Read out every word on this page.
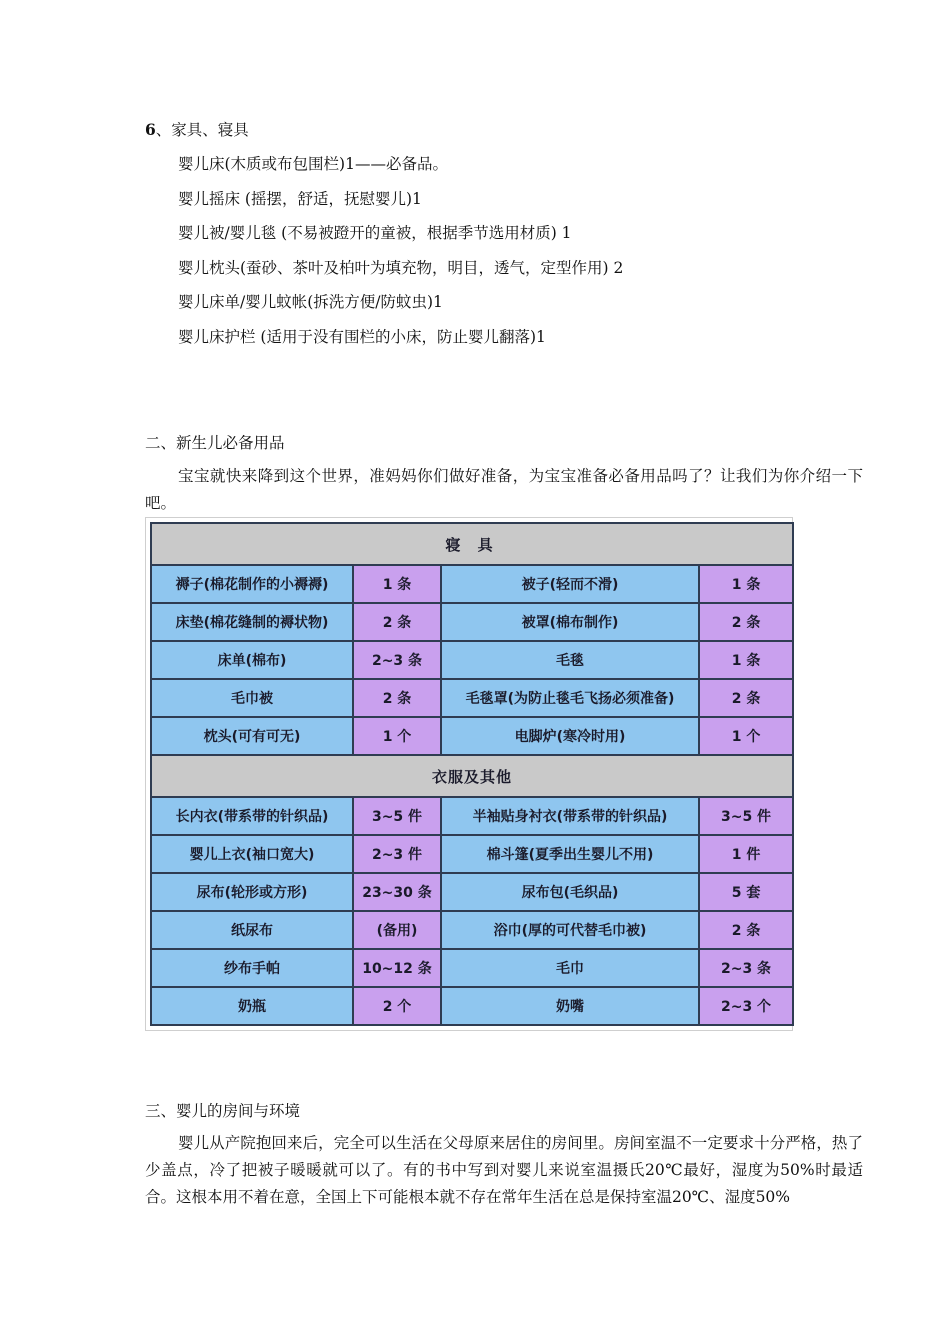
6、家具、寝具
婴儿床(木质或布包围栏)1——必备品。
婴儿摇床 (摇摆，舒适，抚慰婴儿)1
婴儿被/婴儿毯 (不易被蹬开的童被，根据季节选用材质) 1
婴儿枕头(蚕砂、茶叶及柏叶为填充物，明目，透气，定型作用) 2
婴儿床单/婴儿蚊帐(拆洗方便/防蚊虫)1
婴儿床护栏 (适用于没有围栏的小床，防止婴儿翻落)1
二、新生儿必备用品
宝宝就快来降到这个世界，准妈妈你们做好准备，为宝宝准备必备用品吗了？让我们为你介绍一下吧。
寝 具			
褥子(棉花制作的小褥褥)	1 条	被子(轻而不滑)	1 条
床垫(棉花缝制的褥状物)	2 条	被罩(棉布制作)	2 条
床单(棉布)	2~3 条	毛毯	1 条
毛巾被	2 条	毛毯罩(为防止毯毛飞扬必须准备)	2 条
枕头(可有可无)	1 个	电脚炉(寒冷时用)	1 个
衣服及其他			
长内衣(带系带的针织品)	3~5 件	半袖贴身衬衣(带系带的针织品)	3~5 件
婴儿上衣(袖口宽大)	2~3 件	棉斗篷(夏季出生婴儿不用)	1 件
尿布(轮形或方形)	23~30 条	尿布包(毛织品)	5 套
纸尿布	(备用)	浴巾(厚的可代替毛巾被)	2 条
纱布手帕	10~12 条	毛巾	2~3 条
奶瓶	2 个	奶嘴	2~3 个
三、婴儿的房间与环境
婴儿从产院抱回来后，完全可以生活在父母原来居住的房间里。房间室温不一定要求十分严格，热了少盖点，冷了把被子暖暖就可以了。有的书中写到对婴儿来说室温摄氏20℃最好，湿度为50%时最适合。这根本用不着在意，全国上下可能根本就不存在常年生活在总是保持室温20℃、湿度50%
